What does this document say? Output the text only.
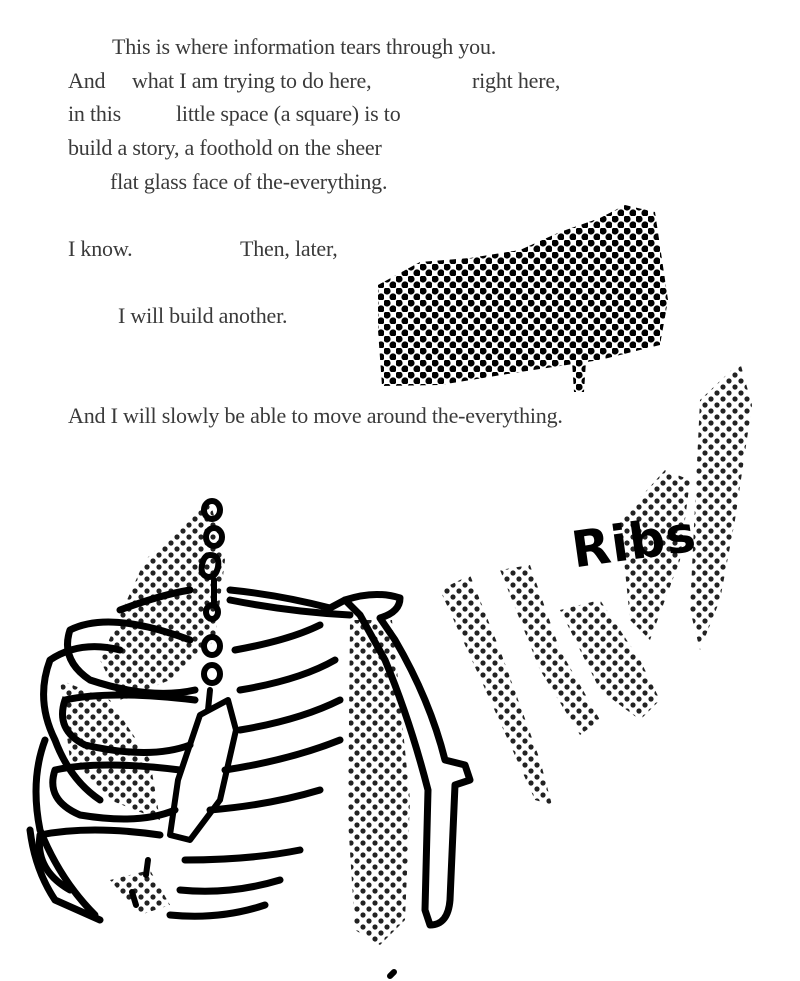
This is where information tears through you.
And what I am trying to do here,	right here,
in this	little space (a square) is to
build a story, a foothold on the sheer
flat glass face of the-everything.
I know.	Then, later,
I will build another.
And I will slowly be able to move around the-everything.
Ribs
